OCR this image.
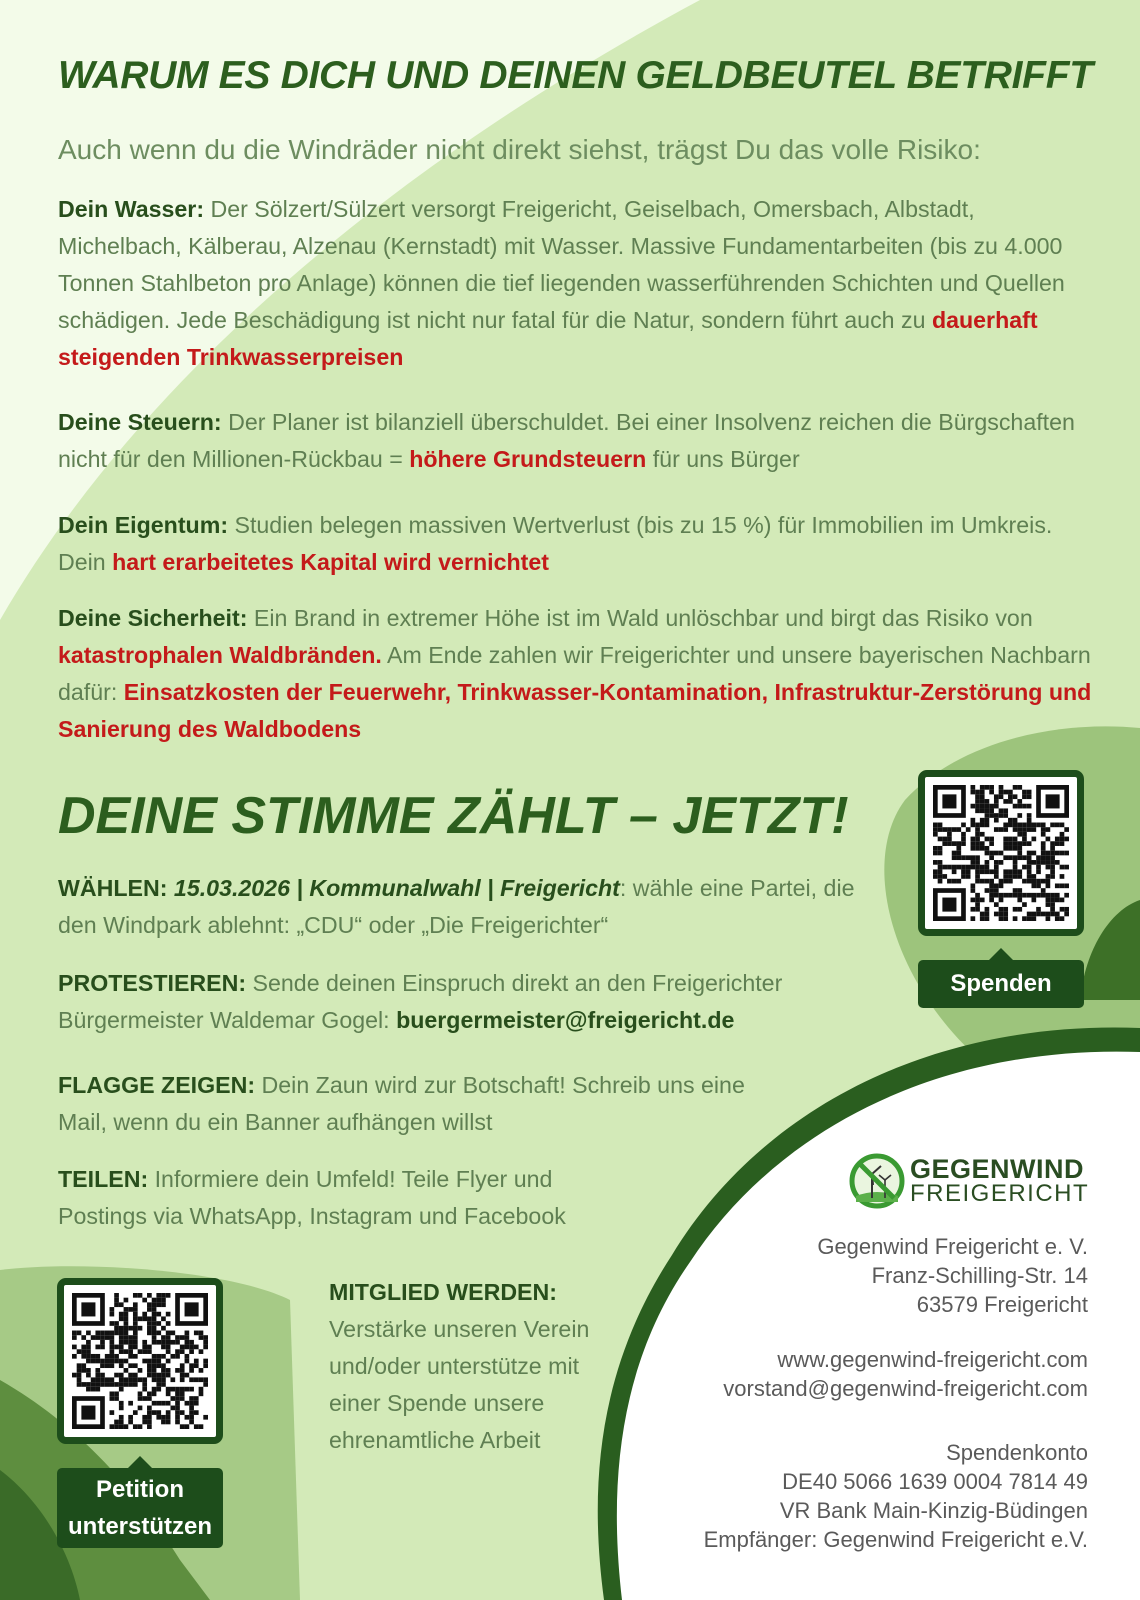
WARUM ES DICH UND DEINEN GELDBEUTEL BETRIFFT

Auch wenn du die Windräder nicht direkt siehst, trägst Du das volle Risiko:

Dein Wasser: Der Sölzert/Sülzert versorgt Freigericht, Geiselbach, Omersbach, Albstadt, Michelbach, Kälberau, Alzenau (Kernstadt) mit Wasser. Massive Fundamentarbeiten (bis zu 4.000 Tonnen Stahlbeton pro Anlage) können die tief liegenden wasserführenden Schichten und Quellen schädigen. Jede Beschädigung ist nicht nur fatal für die Natur, sondern führt auch zu dauerhaft steigenden Trinkwasserpreisen

Deine Steuern: Der Planer ist bilanziell überschuldet. Bei einer Insolvenz reichen die Bürgschaften nicht für den Millionen-Rückbau = höhere Grundsteuern für uns Bürger

Dein Eigentum: Studien belegen massiven Wertverlust (bis zu 15 %) für Immobilien im Umkreis. Dein hart erarbeitetes Kapital wird vernichtet

Deine Sicherheit: Ein Brand in extremer Höhe ist im Wald unlöschbar und birgt das Risiko von katastrophalen Waldbränden. Am Ende zahlen wir Freigerichter und unsere bayerischen Nachbarn dafür: Einsatzkosten der Feuerwehr, Trinkwasser-Kontamination, Infrastruktur-Zerstörung und Sanierung des Waldbodens

DEINE STIMME ZÄHLT – JETZT!

WÄHLEN: 15.03.2026 | Kommunalwahl | Freigericht: wähle eine Partei, die den Windpark ablehnt: „CDU“ oder „Die Freigerichter“

PROTESTIEREN: Sende deinen Einspruch direkt an den Freigerichter Bürgermeister Waldemar Gogel: buergermeister@freigericht.de

FLAGGE ZEIGEN: Dein Zaun wird zur Botschaft! Schreib uns eine Mail, wenn du ein Banner aufhängen willst

TEILEN: Informiere dein Umfeld! Teile Flyer und Postings via WhatsApp, Instagram und Facebook

Spenden
Petition
unterstützen
MITGLIED WERDEN:
Verstärke unseren Verein und/oder unterstütze mit einer Spende unsere ehrenamtliche Arbeit
GEGENWIND
FREIGERICHT
Gegenwind Freigericht e. V.
Franz-Schilling-Str. 14
63579 Freigericht
www.gegenwind-freigericht.com
vorstand@gegenwind-freigericht.com
Spendenkonto
DE40 5066 1639 0004 7814 49
VR Bank Main-Kinzig-Büdingen
Empfänger: Gegenwind Freigericht e.V.
